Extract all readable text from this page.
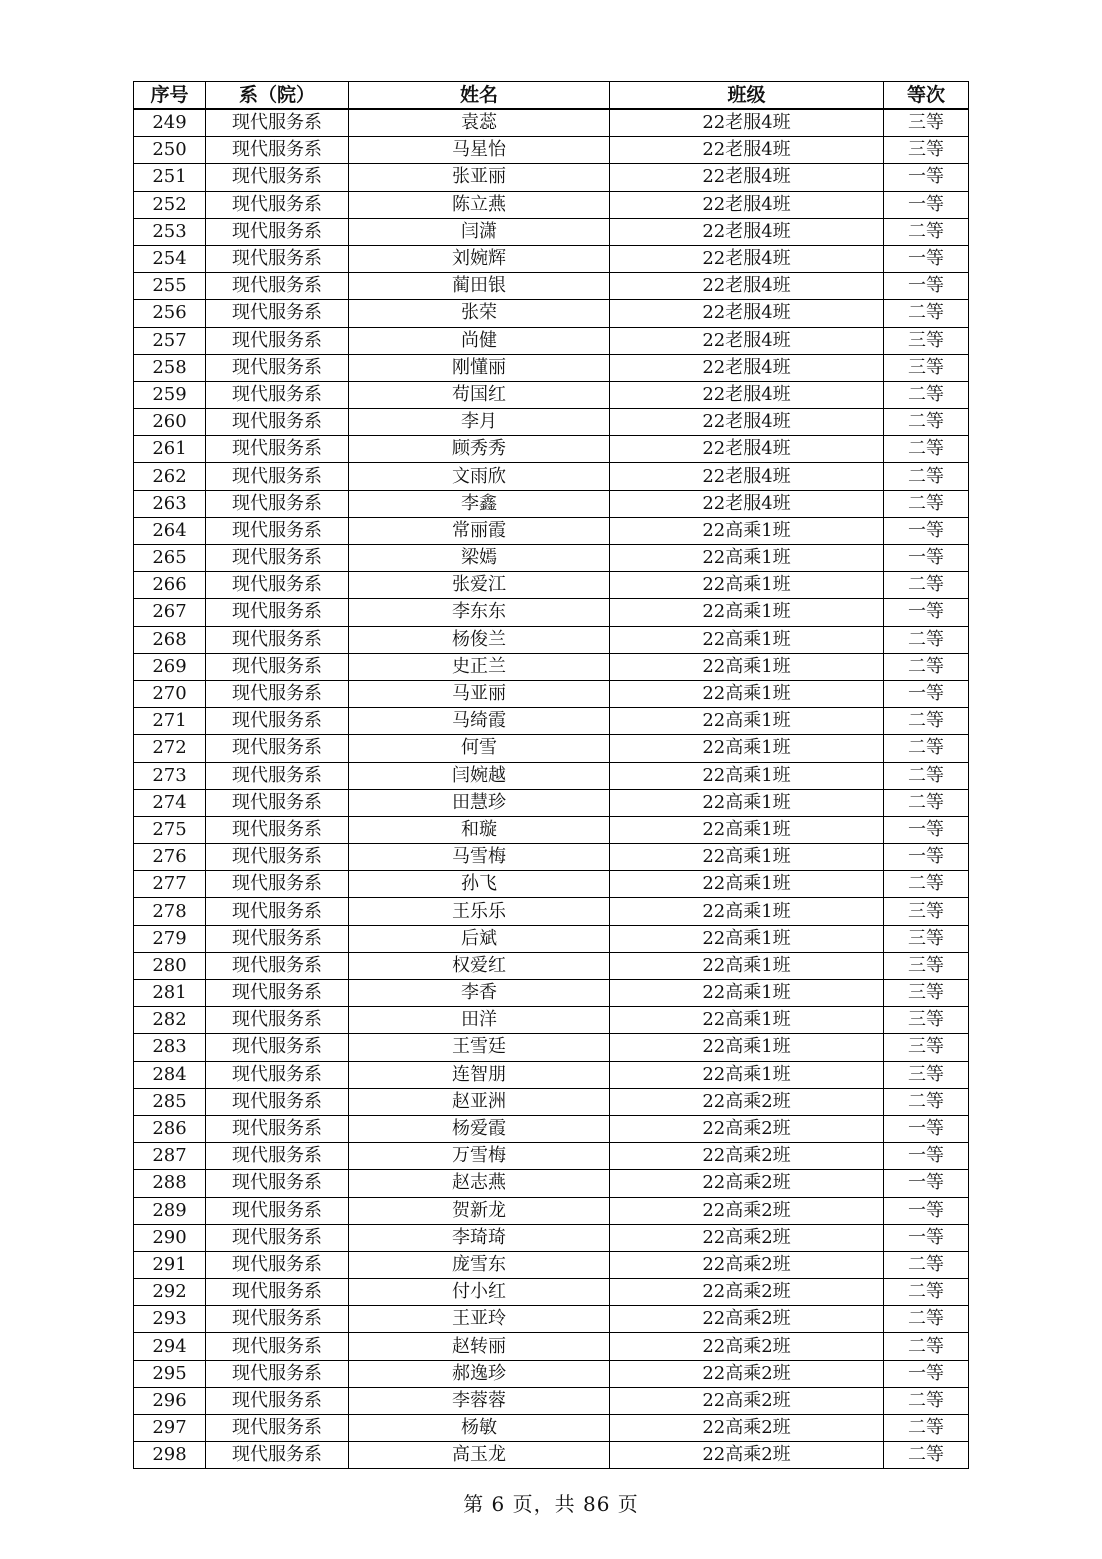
序号	系（院）	姓名	班级	等次
249	现代服务系	袁蕊	22老服4班	三等
250	现代服务系	马星怡	22老服4班	三等
251	现代服务系	张亚丽	22老服4班	一等
252	现代服务系	陈立燕	22老服4班	一等
253	现代服务系	闫潇	22老服4班	二等
254	现代服务系	刘婉辉	22老服4班	一等
255	现代服务系	蔺田银	22老服4班	一等
256	现代服务系	张荣	22老服4班	二等
257	现代服务系	尚健	22老服4班	三等
258	现代服务系	刚懂丽	22老服4班	三等
259	现代服务系	苟国红	22老服4班	二等
260	现代服务系	李月	22老服4班	二等
261	现代服务系	顾秀秀	22老服4班	二等
262	现代服务系	文雨欣	22老服4班	二等
263	现代服务系	李鑫	22老服4班	二等
264	现代服务系	常丽霞	22高乘1班	一等
265	现代服务系	梁嫣	22高乘1班	一等
266	现代服务系	张爱江	22高乘1班	二等
267	现代服务系	李东东	22高乘1班	一等
268	现代服务系	杨俊兰	22高乘1班	二等
269	现代服务系	史正兰	22高乘1班	二等
270	现代服务系	马亚丽	22高乘1班	一等
271	现代服务系	马绮霞	22高乘1班	二等
272	现代服务系	何雪	22高乘1班	二等
273	现代服务系	闫婉越	22高乘1班	二等
274	现代服务系	田慧珍	22高乘1班	二等
275	现代服务系	和璇	22高乘1班	一等
276	现代服务系	马雪梅	22高乘1班	一等
277	现代服务系	孙飞	22高乘1班	二等
278	现代服务系	王乐乐	22高乘1班	三等
279	现代服务系	后斌	22高乘1班	三等
280	现代服务系	权爱红	22高乘1班	三等
281	现代服务系	李香	22高乘1班	三等
282	现代服务系	田洋	22高乘1班	三等
283	现代服务系	王雪廷	22高乘1班	三等
284	现代服务系	连智朋	22高乘1班	三等
285	现代服务系	赵亚洲	22高乘2班	二等
286	现代服务系	杨爱霞	22高乘2班	一等
287	现代服务系	万雪梅	22高乘2班	一等
288	现代服务系	赵志燕	22高乘2班	一等
289	现代服务系	贺新龙	22高乘2班	一等
290	现代服务系	李琦琦	22高乘2班	一等
291	现代服务系	庞雪东	22高乘2班	二等
292	现代服务系	付小红	22高乘2班	二等
293	现代服务系	王亚玲	22高乘2班	二等
294	现代服务系	赵转丽	22高乘2班	二等
295	现代服务系	郝逸珍	22高乘2班	一等
296	现代服务系	李蓉蓉	22高乘2班	二等
297	现代服务系	杨敏	22高乘2班	二等
298	现代服务系	高玉龙	22高乘2班	二等
第 6 页，共 86 页
